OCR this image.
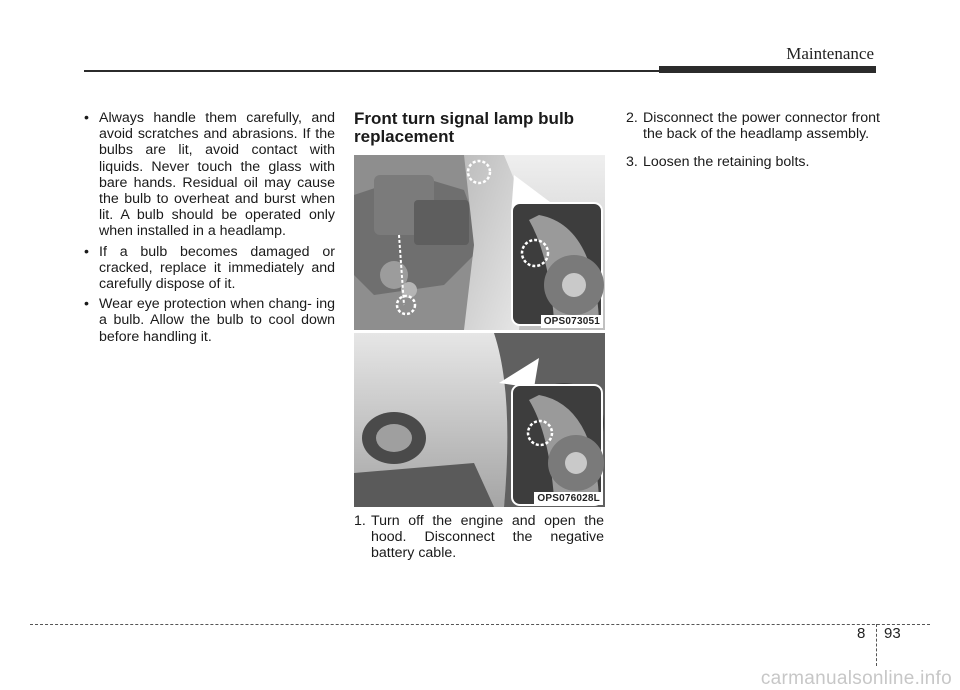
Maintenance
• Always handle them carefully, and avoid scratches and abrasions. If the bulbs are lit, avoid contact with liquids. Never touch the glass with bare hands. Residual oil may cause the bulb to overheat and burst when lit. A bulb should be operated only when installed in a headlamp.
• If a bulb becomes damaged or cracked, replace it immediately and carefully dispose of it.
• Wear eye protection when chang- ing a bulb. Allow the bulb to cool down before handling it.
Front turn signal lamp bulb replacement
OPS073051
OPS076028L
1. Turn off the engine and open the hood. Disconnect the negative battery cable.
2. Disconnect the power connector front the back of the headlamp assembly.
3. Loosen the retaining bolts.
8 93
carmanualsonline.info
